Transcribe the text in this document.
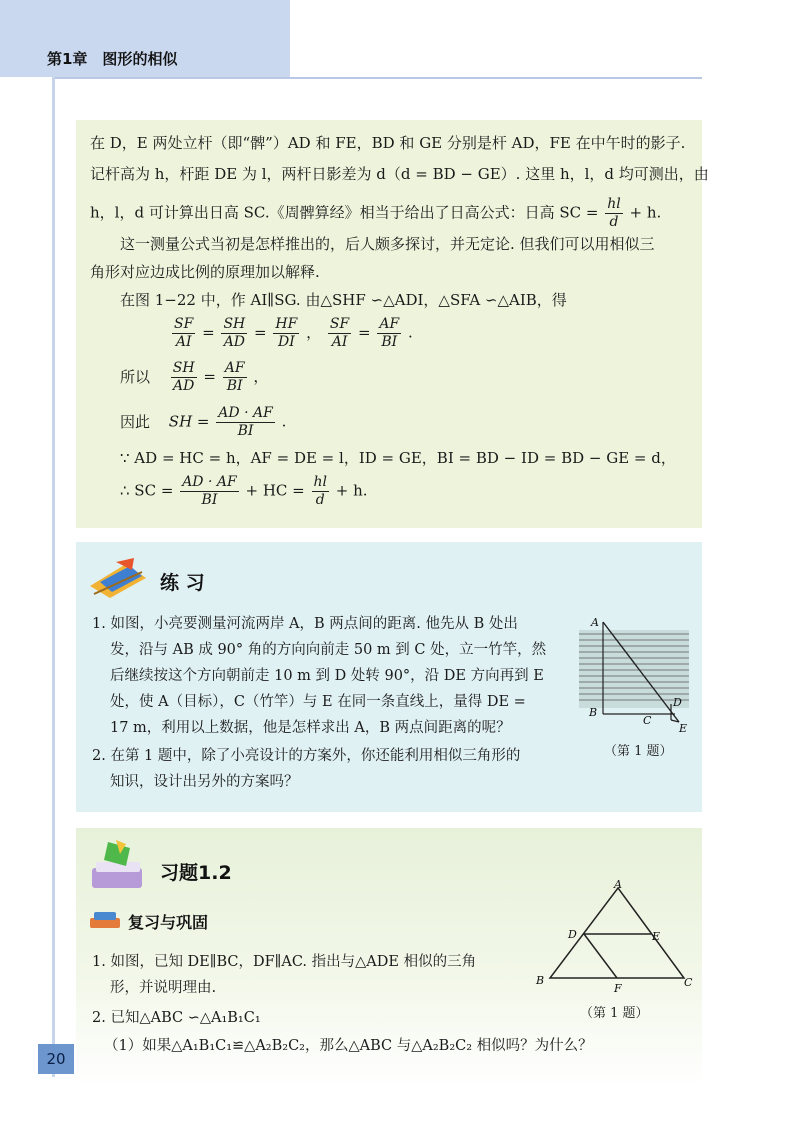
第1章　图形的相似
在 D，E 两处立杆（即“髀”）AD 和 FE，BD 和 GE 分别是杆 AD，FE 在中午时的影子.
记杆高为 h，杆距 DE 为 l，两杆日影差为 d（d = BD − GE）. 这里 h，l，d 均可测出，由
h，l，d 可计算出日高 SC.《周髀算经》相当于给出了日高公式：日高 SC = $\frac{hl}{d} + h$.
这一测量公式当初是怎样推出的，后人颇多探讨，并无定论. 但我们可以用相似三
角形对应边成比例的原理加以解释.
在图 1−22 中，作 AI∥SG. 由△SHF ∽△ADI，△SFA ∽△AIB，得
$\frac{SF}{AI} = \frac{SH}{AD} = \frac{HF}{DI}$ ， $\frac{SF}{AI} = \frac{AF}{BI}$ .
所以 $\frac{SH}{AD} = \frac{AF}{BI}$ ，
因此 SH = $\frac{AD \cdot AF}{BI}$ .
∵ AD = HC = h，AF = DE = l，ID = GE，BI = BD − ID = BD − GE = d，
∴ SC = $\frac{AD \cdot AF}{BI}$ + HC = $\frac{hl}{d} + h$.
练 习
1. 如图，小亮要测量河流两岸 A，B 两点间的距离. 他先从 B 处出
发，沿与 AB 成 90° 角的方向向前走 50 m 到 C 处，立一竹竿，然
后继续按这个方向朝前走 10 m 到 D 处转 90°，沿 DE 方向再到 E
处，使 A（目标），C（竹竿）与 E 在同一条直线上，量得 DE =
17 m，利用以上数据，他是怎样求出 A，B 两点间距离的呢？
2. 在第 1 题中，除了小亮设计的方案外，你还能利用相似三角形的
知识，设计出另外的方案吗？
A
B
C
D
E
（第 1 题）
习题1.2
复习与巩固
1. 如图，已知 DE∥BC，DF∥AC. 指出与△ADE 相似的三角
形，并说明理由.
2. 已知△ABC ∽△A₁B₁C₁
（1）如果△A₁B₁C₁≌△A₂B₂C₂，那么△ABC 与△A₂B₂C₂ 相似吗？为什么？
A
D	E
B
F	C
（第 1 题）
20
